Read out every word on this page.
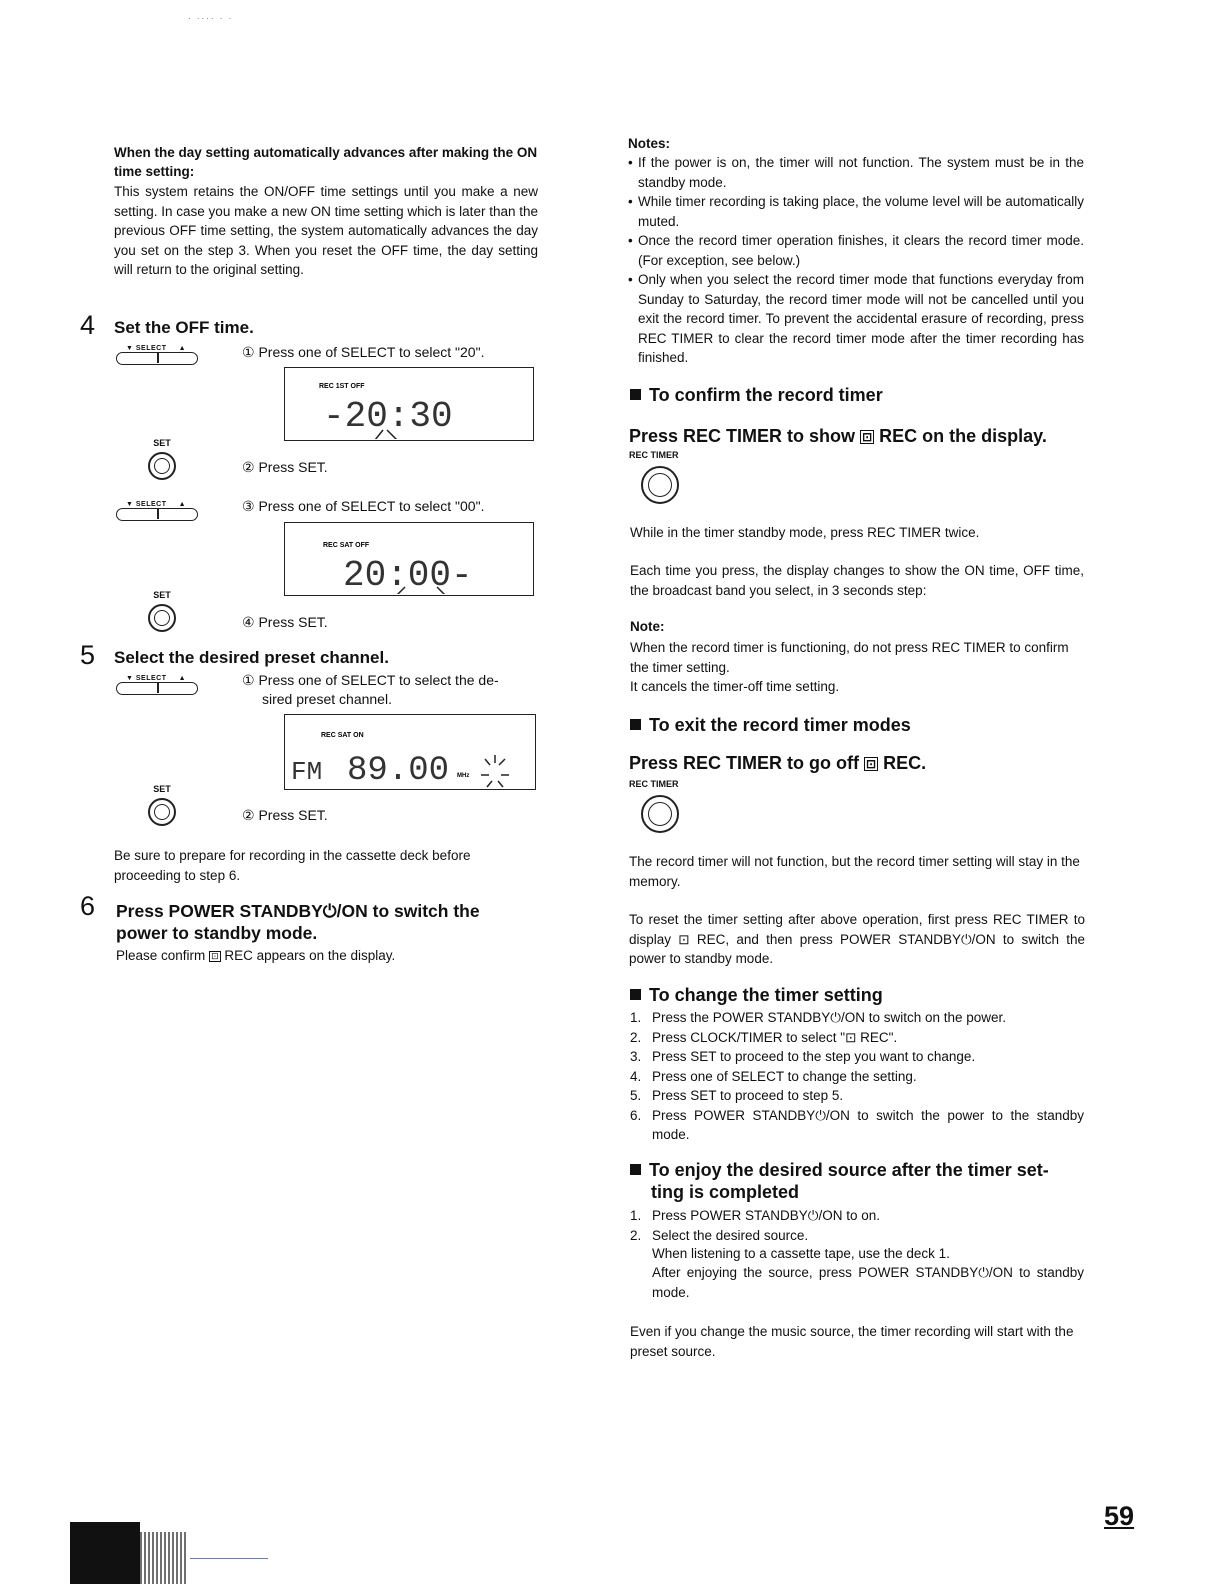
· ···· · ·

When the day setting automatically advances after making the ON time setting:

This system retains the ON/OFF time settings until you make a new setting. In case you make a new ON time setting which is later than the previous OFF time setting, the system automatically advances the day you set on the step 3. When you reset the OFF time, the day setting will return to the original setting.

4 Set the OFF time.
▼ SELECT ▲	① Press one of SELECT to select "20".
REC 1ST OFF
-20:30
SET
② Press SET.
▼ SELECT ▲	③ Press one of SELECT to select "00".
REC SAT OFF
20:00-
SET
④ Press SET.
5 Select the desired preset channel.
▼ SELECT ▲	① Press one of SELECT to select the de-
sired preset channel.
REC SAT ON
FM 89.00 MHz
SET
② Press SET.

Be sure to prepare for recording in the cassette deck before proceeding to step 6.

6 Press POWER STANDBY⏻/ON to switch the
power to standby mode.

Please confirm ⊡ REC appears on the display.

Notes:

• If the power is on, the timer will not function. The system must be in the standby mode.
• While timer recording is taking place, the volume level will be automatically muted.
• Once the record timer operation finishes, it clears the record timer mode. (For exception, see below.)
• Only when you select the record timer mode that functions everyday from Sunday to Saturday, the record timer mode will not be cancelled until you exit the record timer. To prevent the accidental erasure of recording, press REC TIMER to clear the record timer mode after the timer recording has finished.
To confirm the record timer
Press REC TIMER to show ⊡ REC on the display.
REC TIMER

While in the timer standby mode, press REC TIMER twice.

Each time you press, the display changes to show the ON time, OFF time, the broadcast band you select, in 3 seconds step:

Note:

When the record timer is functioning, do not press REC TIMER to confirm the timer setting.

It cancels the timer-off time setting.

To exit the record timer modes
Press REC TIMER to go off ⊡ REC.
REC TIMER

The record timer will not function, but the record timer setting will stay in the memory.

To reset the timer setting after above operation, first press REC TIMER to display ⊡ REC, and then press POWER STANDBY⏻/ON to switch the power to standby mode.

To change the timer setting
1. Press the POWER STANDBY⏻/ON to switch on the power.
2. Press CLOCK/TIMER to select "⊡ REC".
3. Press SET to proceed to the step you want to change.
4. Press one of SELECT to change the setting.
5. Press SET to proceed to step 5.
6. Press POWER STANDBY⏻/ON to switch the power to the standby mode.
To enjoy the desired source after the timer set-
ting is completed
1. Press POWER STANDBY⏻/ON to on.
2. Select the desired source.

When listening to a cassette tape, use the deck 1.

After enjoying the source, press POWER STANDBY⏻/ON to standby mode.

Even if you change the music source, the timer recording will start with the preset source.

59
